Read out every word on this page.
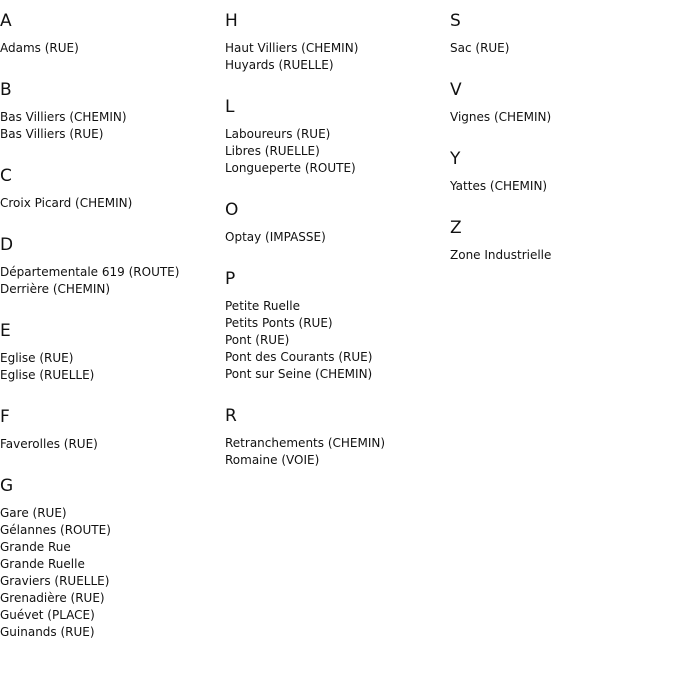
A
Adams (RUE)
B
Bas Villiers (CHEMIN)
Bas Villiers (RUE)
C
Croix Picard (CHEMIN)
D
Départementale 619 (ROUTE)
Derrière (CHEMIN)
E
Eglise (RUE)
Eglise (RUELLE)
F
Faverolles (RUE)
G
Gare (RUE)
Gélannes (ROUTE)
Grande Rue
Grande Ruelle
Graviers (RUELLE)
Grenadière (RUE)
Guévet (PLACE)
Guinands (RUE)
H
Haut Villiers (CHEMIN)
Huyards (RUELLE)
L
Laboureurs (RUE)
Libres (RUELLE)
Longueperte (ROUTE)
O
Optay (IMPASSE)
P
Petite Ruelle
Petits Ponts (RUE)
Pont (RUE)
Pont des Courants (RUE)
Pont sur Seine (CHEMIN)
R
Retranchements (CHEMIN)
Romaine (VOIE)
S
Sac (RUE)
V
Vignes (CHEMIN)
Y
Yattes (CHEMIN)
Z
Zone Industrielle
